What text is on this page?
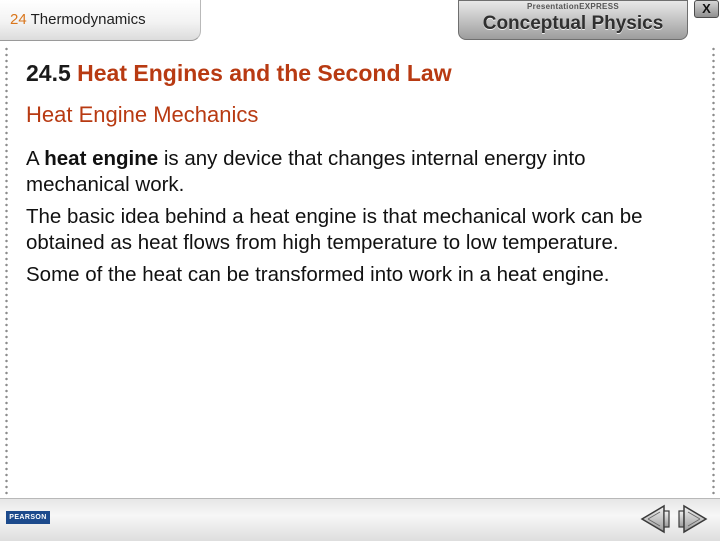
24 Thermodynamics
PresentationEXPRESS
Conceptual Physics
X
24.5 Heat Engines and the Second Law
Heat Engine Mechanics

A heat engine is any device that changes internal energy into mechanical work.

The basic idea behind a heat engine is that mechanical work can be obtained as heat flows from high temperature to low temperature.

Some of the heat can be transformed into work in a heat engine.

PEARSON
